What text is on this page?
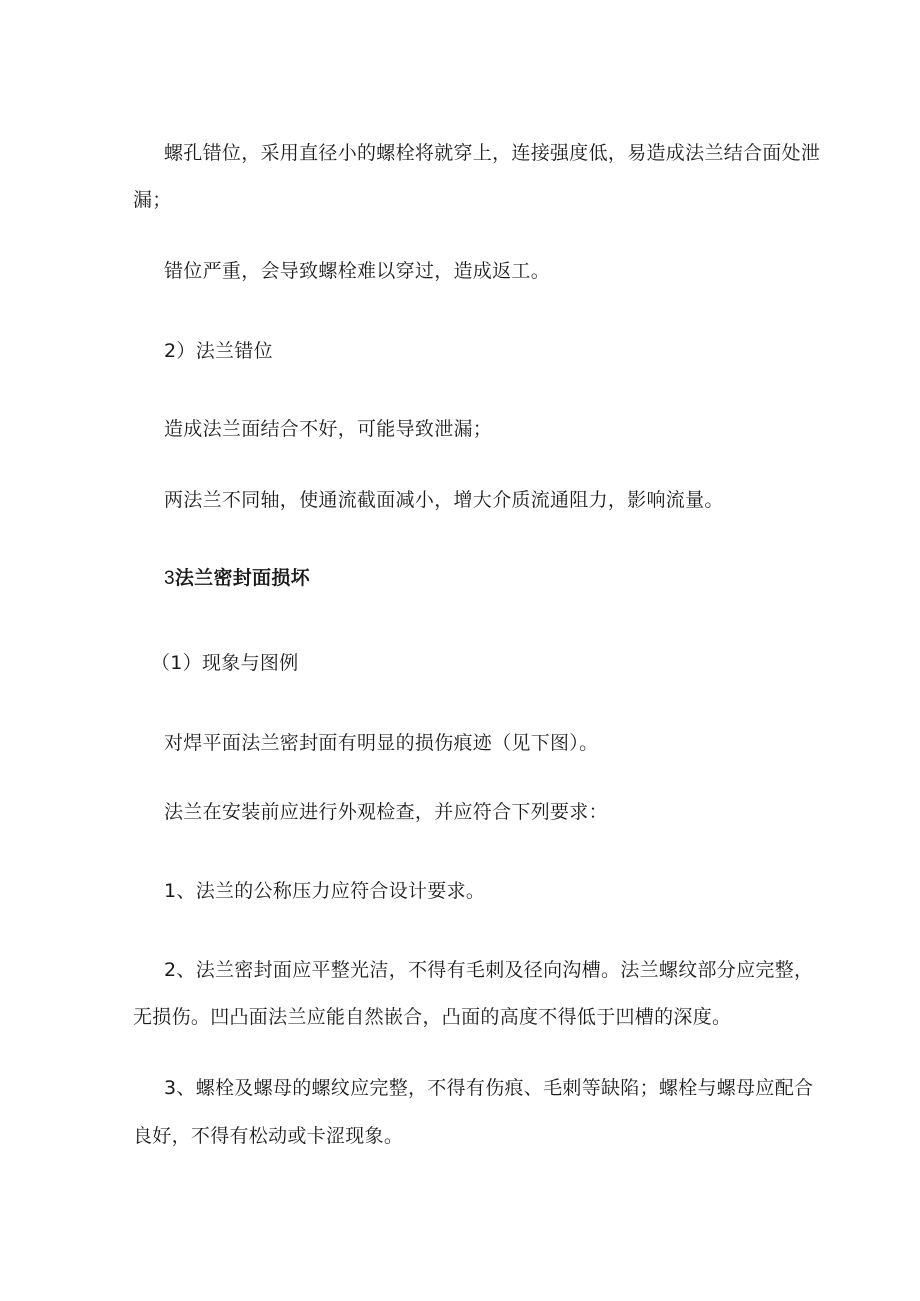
螺孔错位，采用直径小的螺栓将就穿上，连接强度低，易造成法兰结合面处泄
漏；
错位严重，会导致螺栓难以穿过，造成返工。
2）法兰错位
造成法兰面结合不好，可能导致泄漏；
两法兰不同轴，使通流截面减小，增大介质流通阻力，影响流量。
3法兰密封面损坏
（1）现象与图例
对焊平面法兰密封面有明显的损伤痕迹（见下图）。
法兰在安装前应进行外观检查，并应符合下列要求：
1、法兰的公称压力应符合设计要求。
2、法兰密封面应平整光洁，不得有毛刺及径向沟槽。法兰螺纹部分应完整，
无损伤。凹凸面法兰应能自然嵌合，凸面的高度不得低于凹槽的深度。
3、螺栓及螺母的螺纹应完整，不得有伤痕、毛刺等缺陷；螺栓与螺母应配合
良好，不得有松动或卡涩现象。
